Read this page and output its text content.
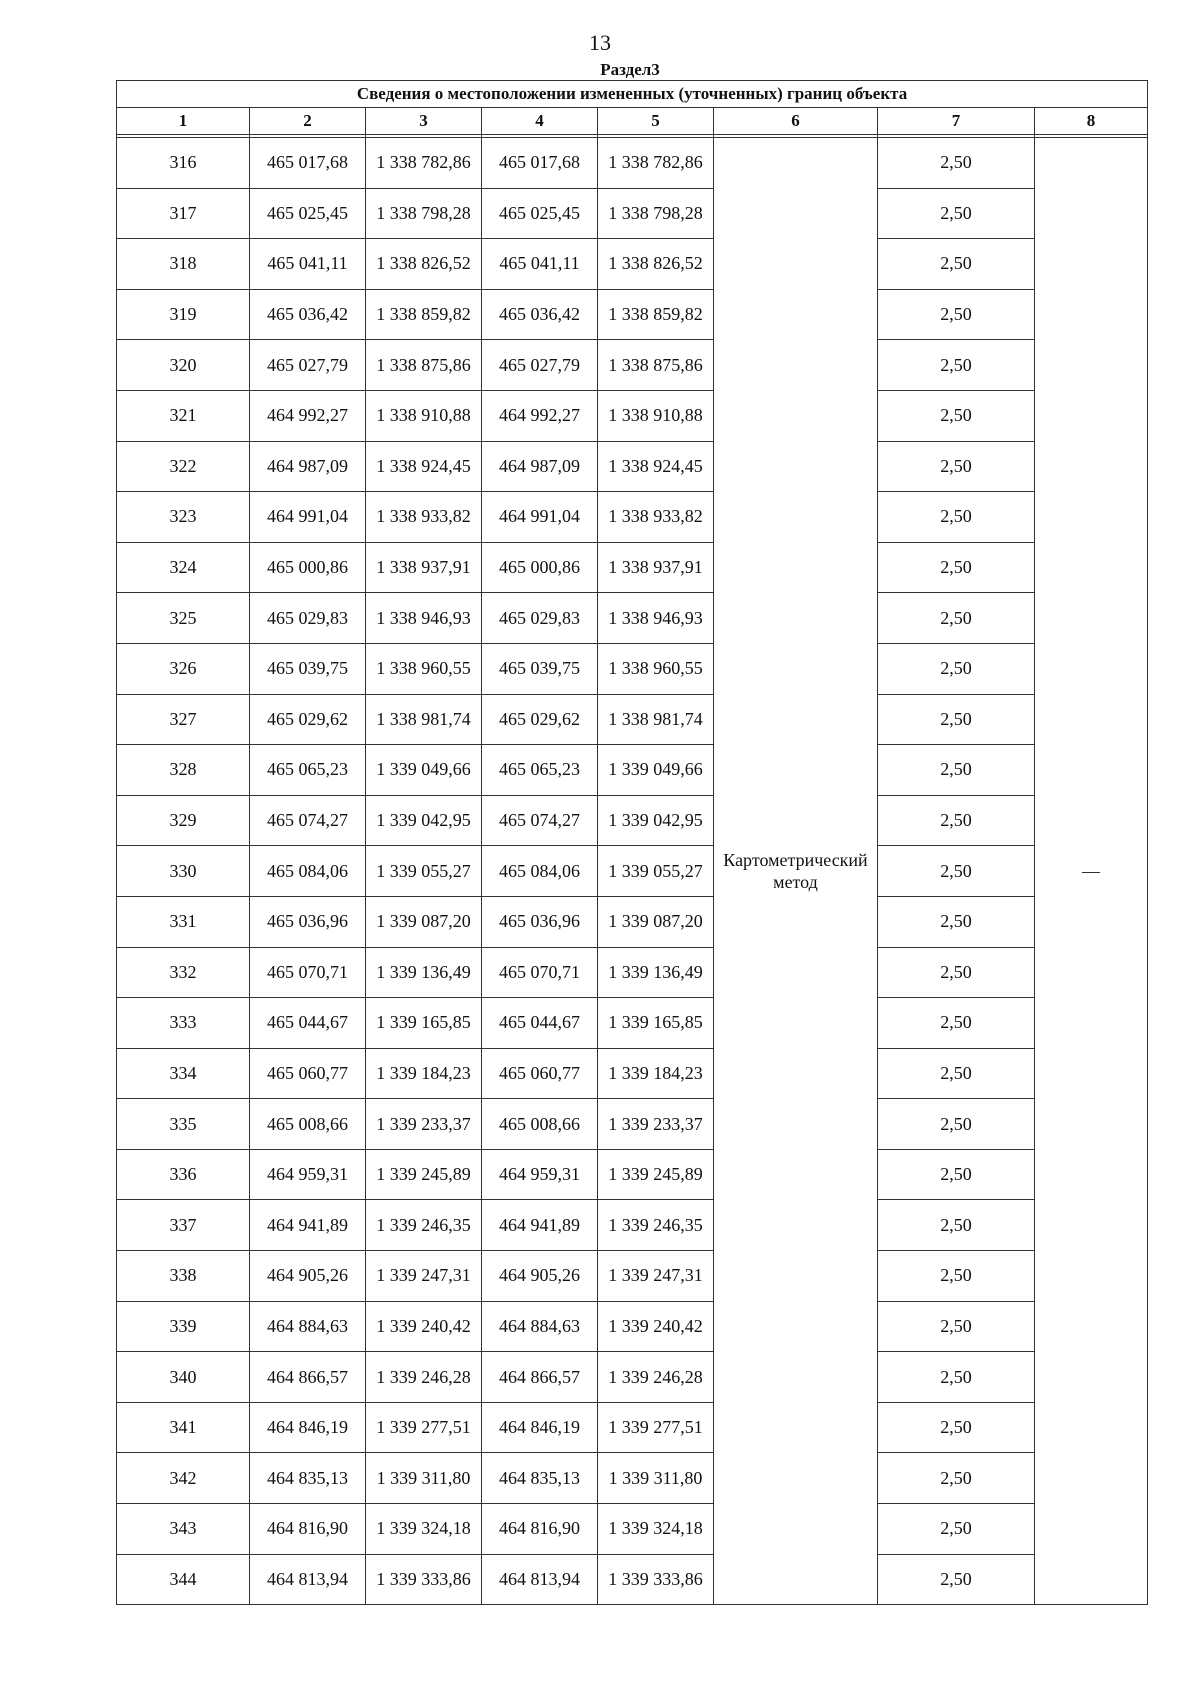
13
Раздел3
Сведения о местоположении измененных (уточненных) границ объекта							
1	2	3	4	5	6	7	8

316	465 017,68	1 338 782,86	465 017,68	1 338 782,86	Картометрический метод	2,50	—
317	465 025,45	1 338 798,28	465 025,45	1 338 798,28		2,50	
318	465 041,11	1 338 826,52	465 041,11	1 338 826,52		2,50	
319	465 036,42	1 338 859,82	465 036,42	1 338 859,82		2,50	
320	465 027,79	1 338 875,86	465 027,79	1 338 875,86		2,50	
321	464 992,27	1 338 910,88	464 992,27	1 338 910,88		2,50	
322	464 987,09	1 338 924,45	464 987,09	1 338 924,45		2,50	
323	464 991,04	1 338 933,82	464 991,04	1 338 933,82		2,50	
324	465 000,86	1 338 937,91	465 000,86	1 338 937,91		2,50	
325	465 029,83	1 338 946,93	465 029,83	1 338 946,93		2,50	
326	465 039,75	1 338 960,55	465 039,75	1 338 960,55		2,50	
327	465 029,62	1 338 981,74	465 029,62	1 338 981,74		2,50	
328	465 065,23	1 339 049,66	465 065,23	1 339 049,66		2,50	
329	465 074,27	1 339 042,95	465 074,27	1 339 042,95		2,50	
330	465 084,06	1 339 055,27	465 084,06	1 339 055,27		2,50	
331	465 036,96	1 339 087,20	465 036,96	1 339 087,20		2,50	
332	465 070,71	1 339 136,49	465 070,71	1 339 136,49		2,50	
333	465 044,67	1 339 165,85	465 044,67	1 339 165,85		2,50	
334	465 060,77	1 339 184,23	465 060,77	1 339 184,23		2,50	
335	465 008,66	1 339 233,37	465 008,66	1 339 233,37		2,50	
336	464 959,31	1 339 245,89	464 959,31	1 339 245,89		2,50	
337	464 941,89	1 339 246,35	464 941,89	1 339 246,35		2,50	
338	464 905,26	1 339 247,31	464 905,26	1 339 247,31		2,50	
339	464 884,63	1 339 240,42	464 884,63	1 339 240,42		2,50	
340	464 866,57	1 339 246,28	464 866,57	1 339 246,28		2,50	
341	464 846,19	1 339 277,51	464 846,19	1 339 277,51		2,50	
342	464 835,13	1 339 311,80	464 835,13	1 339 311,80		2,50	
343	464 816,90	1 339 324,18	464 816,90	1 339 324,18		2,50	
344	464 813,94	1 339 333,86	464 813,94	1 339 333,86		2,50	
